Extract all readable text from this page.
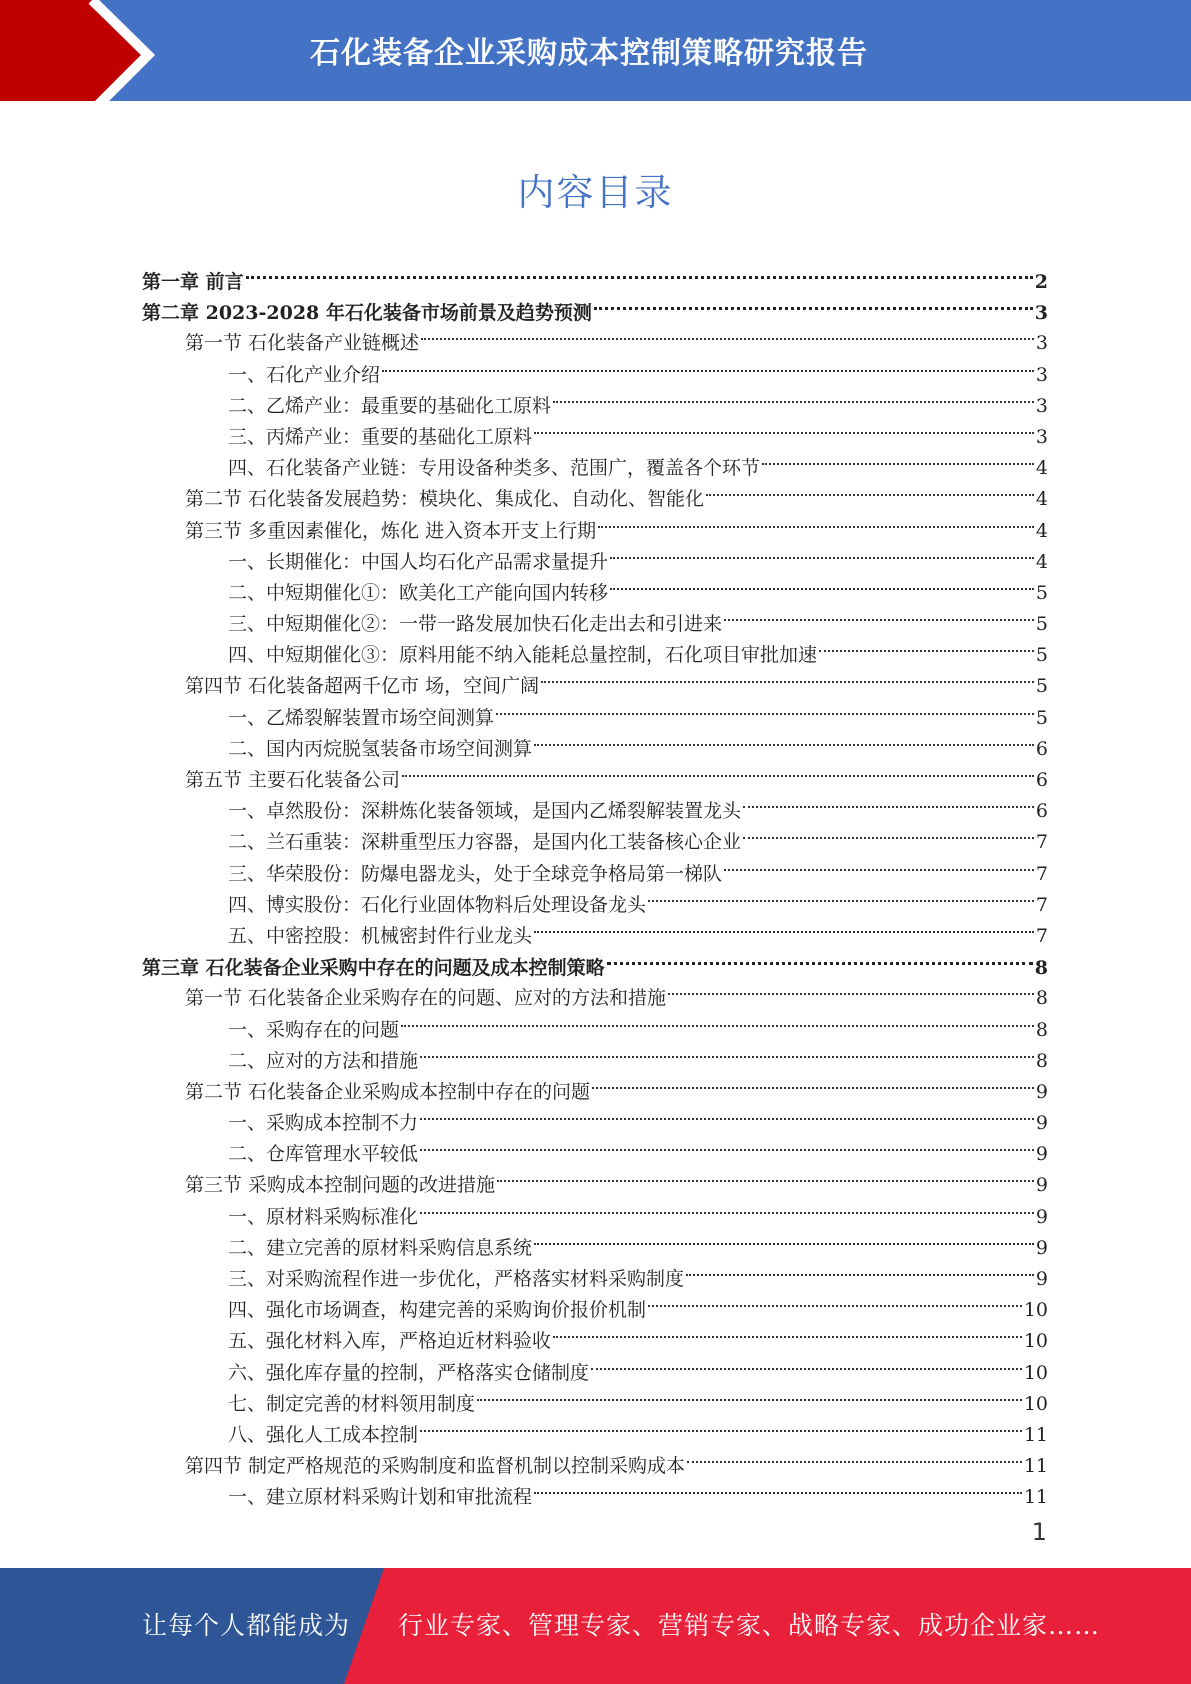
石化装备企业采购成本控制策略研究报告
内容目录
第一章 前言	2
第二章 2023-2028 年石化装备市场前景及趋势预测	3
第一节 石化装备产业链概述	3
一、石化产业介绍	3
二、乙烯产业：最重要的基础化工原料	3
三、丙烯产业：重要的基础化工原料	3
四、石化装备产业链：专用设备种类多、范围广，覆盖各个环节	4
第二节 石化装备发展趋势：模块化、集成化、自动化、智能化	4
第三节 多重因素催化，炼化 进入资本开支上行期	4
一、长期催化：中国人均石化产品需求量提升	4
二、中短期催化①：欧美化工产能向国内转移	5
三、中短期催化②：一带一路发展加快石化走出去和引进来	5
四、中短期催化③：原料用能不纳入能耗总量控制，石化项目审批加速	5
第四节 石化装备超两千亿市 场，空间广阔	5
一、乙烯裂解装置市场空间测算	5
二、国内丙烷脱氢装备市场空间测算	6
第五节 主要石化装备公司	6
一、卓然股份：深耕炼化装备领域，是国内乙烯裂解装置龙头	6
二、兰石重装：深耕重型压力容器，是国内化工装备核心企业	7
三、华荣股份：防爆电器龙头，处于全球竞争格局第一梯队	7
四、博实股份：石化行业固体物料后处理设备龙头	7
五、中密控股：机械密封件行业龙头	7
第三章 石化装备企业采购中存在的问题及成本控制策略	8
第一节 石化装备企业采购存在的问题、应对的方法和措施	8
一、采购存在的问题	8
二、应对的方法和措施	8
第二节 石化装备企业采购成本控制中存在的问题	9
一、采购成本控制不力	9
二、仓库管理水平较低	9
第三节 采购成本控制问题的改进措施	9
一、原材料采购标准化	9
二、建立完善的原材料采购信息系统	9
三、对采购流程作进一步优化，严格落实材料采购制度	9
四、强化市场调查，构建完善的采购询价报价机制	10
五、强化材料入库，严格迫近材料验收	10
六、强化库存量的控制，严格落实仓储制度	10
七、制定完善的材料领用制度	10
八、强化人工成本控制	11
第四节 制定严格规范的采购制度和监督机制以控制采购成本	11
一、建立原材料采购计划和审批流程	11
1
让每个人都能成为 行业专家、管理专家、营销专家、战略专家、成功企业家……
